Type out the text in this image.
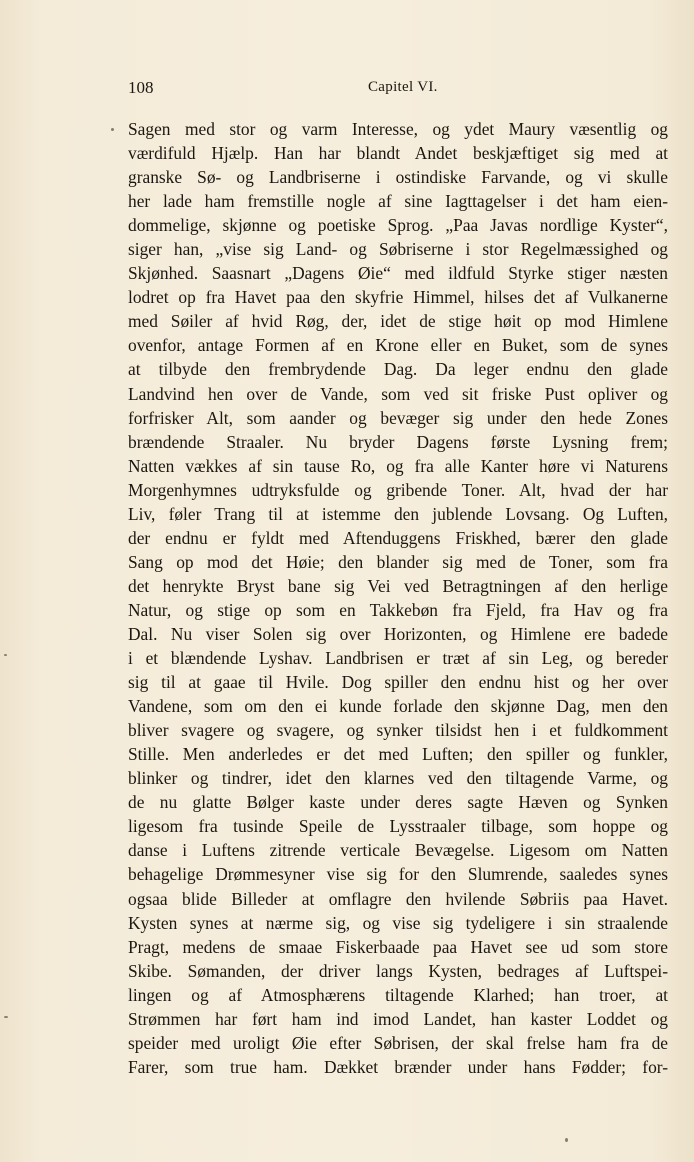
108	Capitel VI.
Sagen med stor og varm Interesse, og ydet Maury væsentlig og
værdifuld Hjælp. Han har blandt Andet beskjæftiget sig med at
granske Sø- og Landbriserne i ostindiske Farvande, og vi skulle
her lade ham fremstille nogle af sine Iagttagelser i det ham eien-
dommelige, skjønne og poetiske Sprog. „Paa Javas nordlige Kyster“,
siger han, „vise sig Land- og Søbriserne i stor Regelmæssighed og
Skjønhed. Saasnart „Dagens Øie“ med ildfuld Styrke stiger næsten
lodret op fra Havet paa den skyfrie Himmel, hilses det af Vulkanerne
med Søiler af hvid Røg, der, idet de stige høit op mod Himlene
ovenfor, antage Formen af en Krone eller en Buket, som de synes
at tilbyde den frembrydende Dag. Da leger endnu den glade
Landvind hen over de Vande, som ved sit friske Pust opliver og
forfrisker Alt, som aander og bevæger sig under den hede Zones
brændende Straaler. Nu bryder Dagens første Lysning frem;
Natten vækkes af sin tause Ro, og fra alle Kanter høre vi Naturens
Morgenhymnes udtryksfulde og gribende Toner. Alt, hvad der har
Liv, føler Trang til at istemme den jublende Lovsang. Og Luften,
der endnu er fyldt med Aftenduggens Friskhed, bærer den glade
Sang op mod det Høie; den blander sig med de Toner, som fra
det henrykte Bryst bane sig Vei ved Betragtningen af den herlige
Natur, og stige op som en Takkebøn fra Fjeld, fra Hav og fra
Dal. Nu viser Solen sig over Horizonten, og Himlene ere badede
i et blændende Lyshav. Landbrisen er træt af sin Leg, og bereder
sig til at gaae til Hvile. Dog spiller den endnu hist og her over
Vandene, som om den ei kunde forlade den skjønne Dag, men den
bliver svagere og svagere, og synker tilsidst hen i et fuldkomment
Stille. Men anderledes er det med Luften; den spiller og funkler,
blinker og tindrer, idet den klarnes ved den tiltagende Varme, og
de nu glatte Bølger kaste under deres sagte Hæven og Synken
ligesom fra tusinde Speile de Lysstraaler tilbage, som hoppe og
danse i Luftens zitrende verticale Bevægelse. Ligesom om Natten
behagelige Drømmesyner vise sig for den Slumrende, saaledes synes
ogsaa blide Billeder at omflagre den hvilende Søbriis paa Havet.
Kysten synes at nærme sig, og vise sig tydeligere i sin straalende
Pragt, medens de smaae Fiskerbaade paa Havet see ud som store
Skibe. Sømanden, der driver langs Kysten, bedrages af Luftspei-
lingen og af Atmosphærens tiltagende Klarhed; han troer, at
Strømmen har ført ham ind imod Landet, han kaster Loddet og
speider med uroligt Øie efter Søbrisen, der skal frelse ham fra de
Farer, som true ham. Dækket brænder under hans Fødder; for-
